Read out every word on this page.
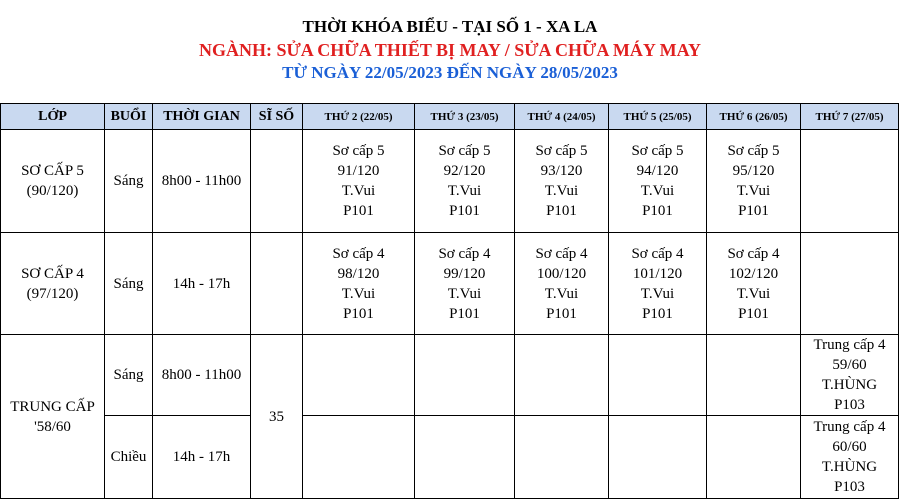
THỜI KHÓA BIỂU - TẠI SỐ 1 - XA LA
NGÀNH: SỬA CHỮA THIẾT BỊ MAY / SỬA CHỮA MÁY MAY
TỪ NGÀY 22/05/2023 ĐẾN NGÀY 28/05/2023
LỚP	BUỔI	THỜI GIAN	SĨ SỐ	THỨ 2 (22/05)	THỨ 3 (23/05)	THỨ 4 (24/05)	THỨ 5 (25/05)	THỨ 6 (26/05)	THỨ 7 (27/05)

SƠ CẤP 5
(90/120)	Sáng	8h00 - 11h00		Sơ cấp 5
91/120
T.Vui
P101	Sơ cấp 5
92/120
T.Vui
P101	Sơ cấp 5
93/120
T.Vui
P101	Sơ cấp 5
94/120
T.Vui
P101	Sơ cấp 5
95/120
T.Vui
P101	

SƠ CẤP 4
(97/120)	Sáng	14h - 17h		Sơ cấp 4
98/120
T.Vui
P101	Sơ cấp 4
99/120
T.Vui
P101	Sơ cấp 4
100/120
T.Vui
P101	Sơ cấp 4
101/120
T.Vui
P101	Sơ cấp 4
102/120
T.Vui
P101	

TRUNG CẤP
'58/60	Sáng	8h00 - 11h00	35						Trung cấp 4
59/60
T.HÙNG
P103

	Chiều	14h - 17h							Trung cấp 4
60/60
T.HÙNG
P103
